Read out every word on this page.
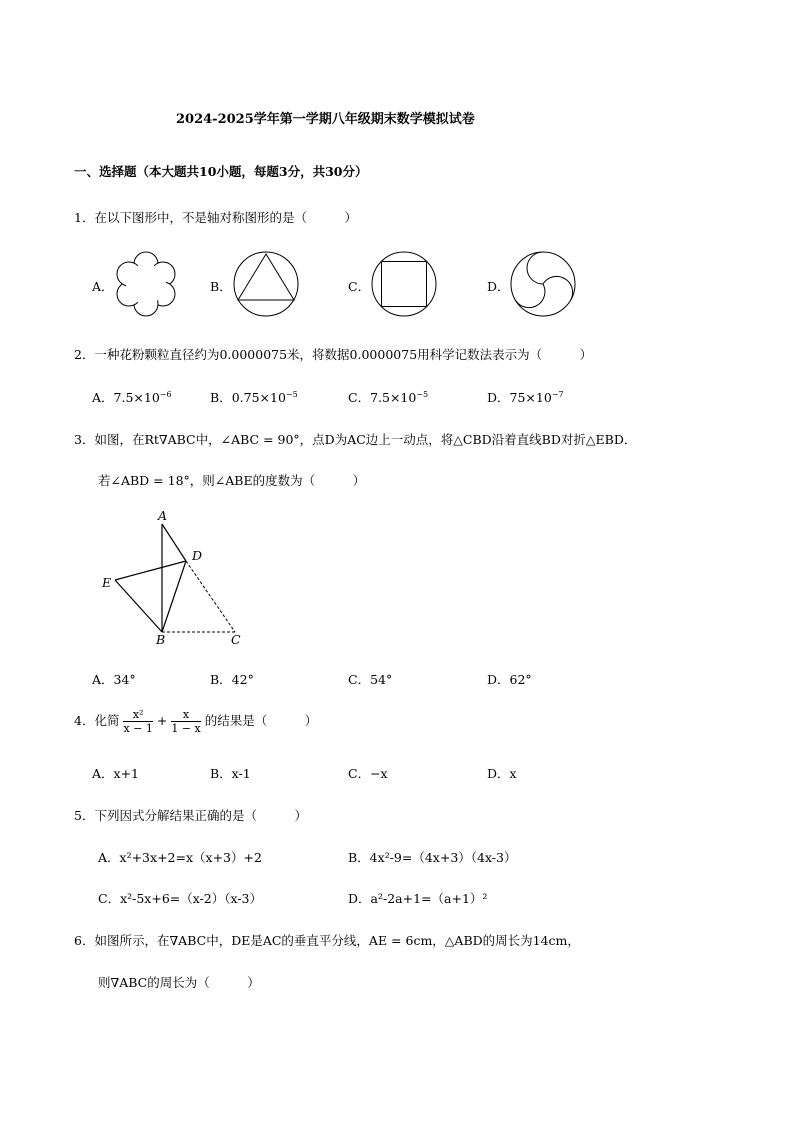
2024-2025学年第一学期八年级期末数学模拟试卷
一、选择题（本大题共10小题，每题3分，共30分）
1．在以下图形中，不是轴对称图形的是（　　　）
A．	B．	C．	D．
2．一种花粉颗粒直径约为0.0000075米，将数据0.0000075用科学记数法表示为（　　　）
A．$7.5\times 10^{-6}$	B．$0.75\times 10^{-5}$	C．$7.5\times 10^{-5}$	D．$75\times 10^{-7}$
3．如图，在Rt∇ABC中，∠ABC = 90°，点D为AC边上一动点，将△CBD沿着直线BD对折△EBD．
若∠ABD = 18°，则∠ABE的度数为（　　　）
A
D
E
B	C
A．34°	B．42°	C．54°	D．62°
4．化简 $\frac{\text{x²}}{x - 1} + \frac{x}{1 - x}$ 的结果是（　　　）
A．x+1	B．x-1	C．−x	D．x
5．下列因式分解结果正确的是（　　　）
A．x²+3x+2=x（x+3）+2	B．4x²-9=（4x+3）（4x-3）
C．x²-5x+6=（x-2）（x-3）	D．a²-2a+1=（a+1）²
6．如图所示，在∇ABC中，DE是AC的垂直平分线，AE = 6cm，△ABD的周长为14cm，
则∇ABC的周长为（　　　）
